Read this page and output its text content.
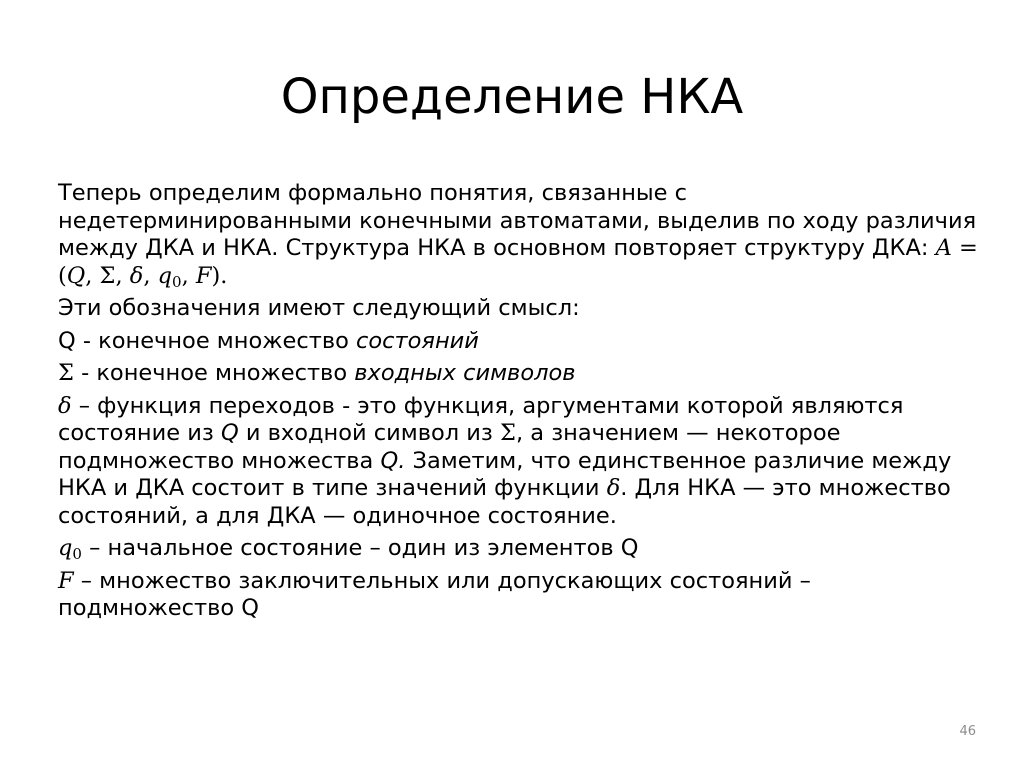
Определение НКА

Теперь определим формально понятия, связанные с недетерминированными конечными автоматами, выделив по ходу различия между ДКА и НКА. Структура НКА в основном повторяет структуру ДКА: A = (Q, Σ, δ, $q_0$, F).

Эти обозначения имеют следующий смысл:

Q - конечное множество состояний

Σ - конечное множество входных символов

δ – функция переходов - это функция, аргументами которой являются состояние из Q и входной символ из Σ, а значением — некоторое подмножество множества Q. Заметим, что единственное различие между НКА и ДКА состоит в типе значений функции δ. Для НКА — это множество состояний, а для ДКА — одиночное состояние.

$q_0$ – начальное состояние – один из элементов Q

F – множество заключительных или допускающих состояний – подмножество Q

46
